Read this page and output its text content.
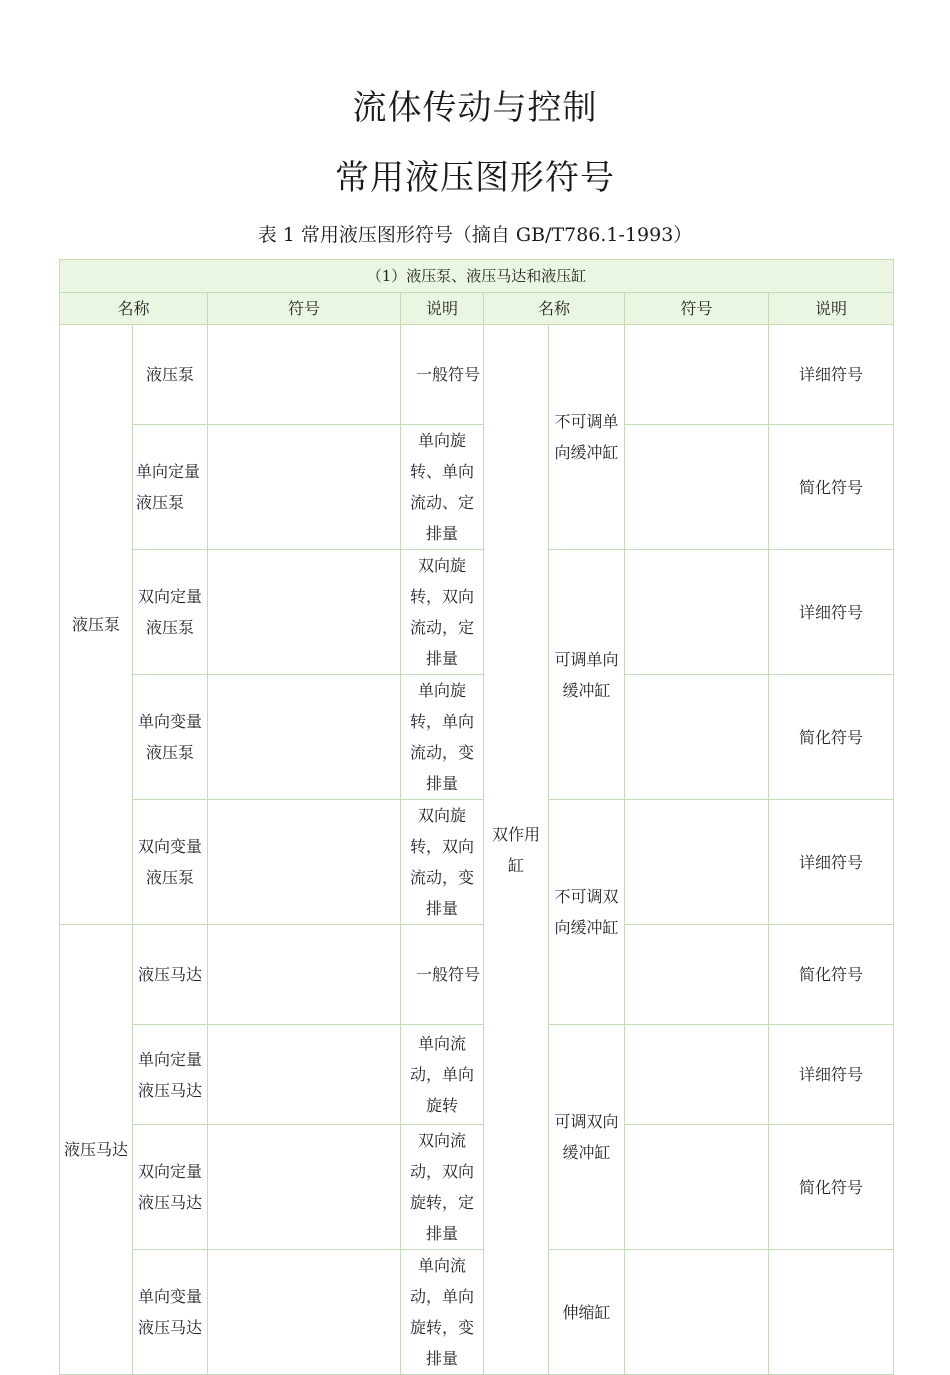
流体传动与控制
常用液压图形符号
表 1 常用液压图形符号（摘自 GB/T786.1-1993）
（1）液压泵、液压马达和液压缸							
名称		符号	说明	名称		符号	说明
液压泵	液压泵		一般符号	双作用缸	不可调单向缓冲缸		详细符号
	单向定量液压泵		单向旋转、单向流动、定排量				简化符号
	双向定量液压泵		双向旋转，双向流动，定排量		可调单向缓冲缸		详细符号
	单向变量液压泵		单向旋转，单向流动，变排量				简化符号
	双向变量液压泵		双向旋转，双向流动，变排量		不可调双向缓冲缸		详细符号
液压马达	液压马达		一般符号				简化符号
	单向定量液压马达		单向流动，单向旋转		可调双向缓冲缸		详细符号
	双向定量液压马达		双向流动，双向旋转，定排量				简化符号
	单向变量液压马达		单向流动，单向旋转，变排量		伸缩缸		
